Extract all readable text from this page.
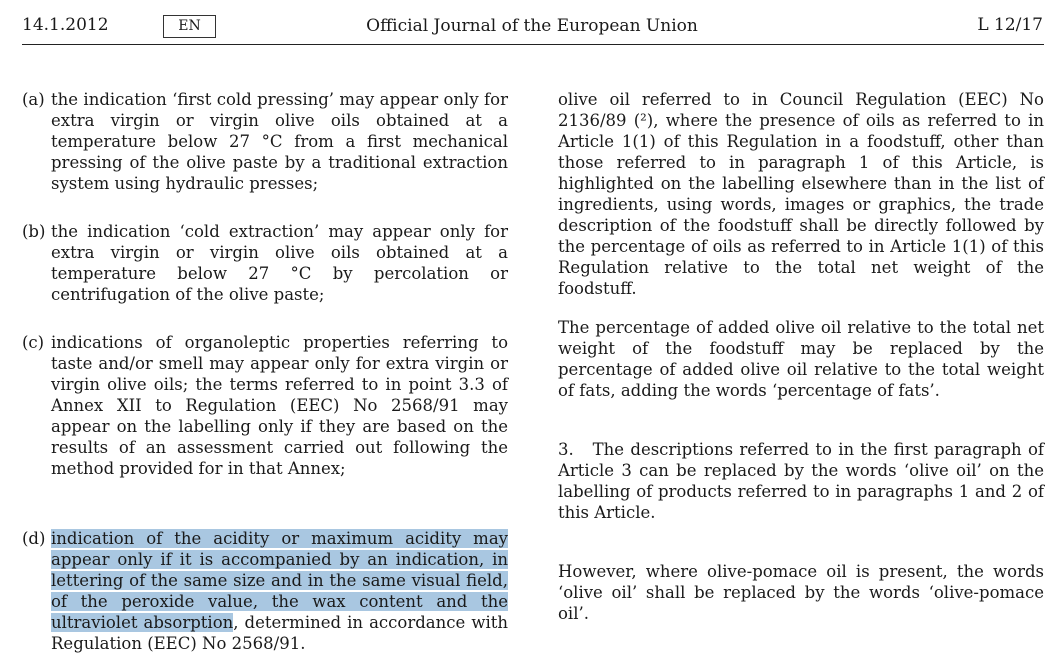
14.1.2012	EN	Official Journal of the European Union	L 12/17
(a) the indication ‘first cold pressing’ may appear only for extra virgin or virgin olive oils obtained at a temperature below 27 °C from a first mechanical pressing of the olive paste by a traditional extraction system using hydraulic presses;
(b) the indication ‘cold extraction’ may appear only for extra virgin or virgin olive oils obtained at a temperature below 27 °C by percolation or centrifugation of the olive paste;
(c) indications of organoleptic properties referring to taste and/or smell may appear only for extra virgin or virgin olive oils; the terms referred to in point 3.3 of Annex XII to Regulation (EEC) No 2568/91 may appear on the labelling only if they are based on the results of an assessment carried out following the method provided for in that Annex;
(d) indication of the acidity or maximum acidity may appear only if it is accompanied by an indication, in lettering of the same size and in the same visual field, of the peroxide value, the wax content and the ultraviolet absorption, determined in accordance with Regulation (EEC) No 2568/91.
olive oil referred to in Council Regulation (EEC) No 2136/89 (²), where the presence of oils as referred to in Article 1(1) of this Regulation in a foodstuff, other than those referred to in paragraph 1 of this Article, is highlighted on the labelling elsewhere than in the list of ingredients, using words, images or graphics, the trade description of the foodstuff shall be directly followed by the percentage of oils as referred to in Article 1(1) of this Regulation relative to the total net weight of the foodstuff.
The percentage of added olive oil relative to the total net weight of the foodstuff may be replaced by the percentage of added olive oil relative to the total weight of fats, adding the words ‘percentage of fats’.
3.   The descriptions referred to in the first paragraph of Article 3 can be replaced by the words ‘olive oil’ on the labelling of products referred to in paragraphs 1 and 2 of this Article.
However, where olive-pomace oil is present, the words ‘olive oil’ shall be replaced by the words ‘olive-pomace oil’.
